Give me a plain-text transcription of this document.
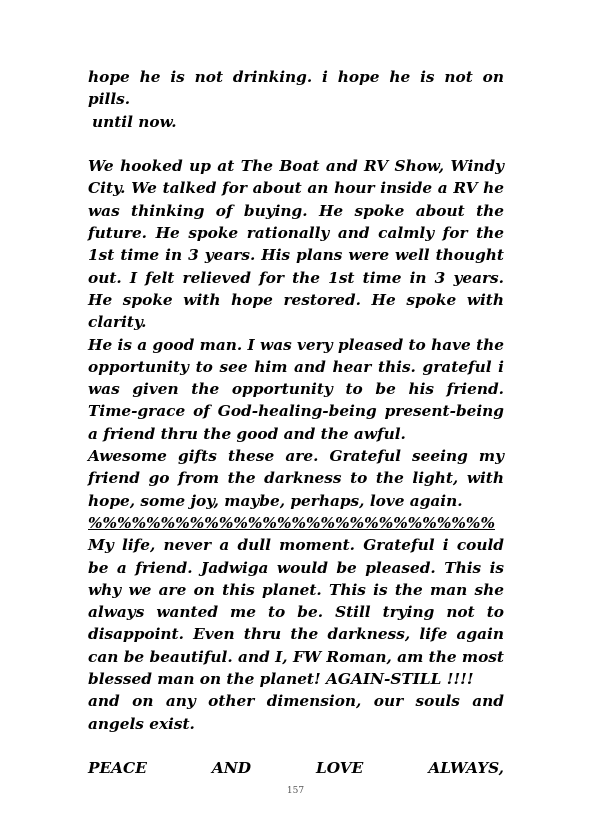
hope he is not drinking. i hope he is not on pills.

until now.

We hooked up at The Boat and RV Show, Windy City. We talked for about an hour inside a RV he was thinking of buying. He spoke about the future. He spoke rationally and calmly for the 1st time in 3 years. His plans were well thought out. I felt relieved for the 1st time in 3 years. He spoke with hope restored. He spoke with clarity.

He is a good man. I was very pleased to have the opportunity to see him and hear this. grateful i was given the opportunity to be his friend. Time-grace of God-healing-being present-being a friend thru the good and the awful.

Awesome gifts these are. Grateful seeing my friend go from the darkness to the light, with hope, some joy, maybe, perhaps, love again.

%%%%%%%%%%%%%%%%%%%%%%%%%%%%

My life, never a dull moment. Grateful i could be a friend. Jadwiga would be pleased. This is why we are on this planet. This is the man she always wanted me to be. Still trying not to disappoint. Even thru the darkness, life again can be beautiful. and I, FW Roman, am the most blessed man on the planet! AGAIN-STILL !!!!

and on any other dimension, our souls and angels exist.

PEACE	AND	LOVE	ALWAYS,

157
